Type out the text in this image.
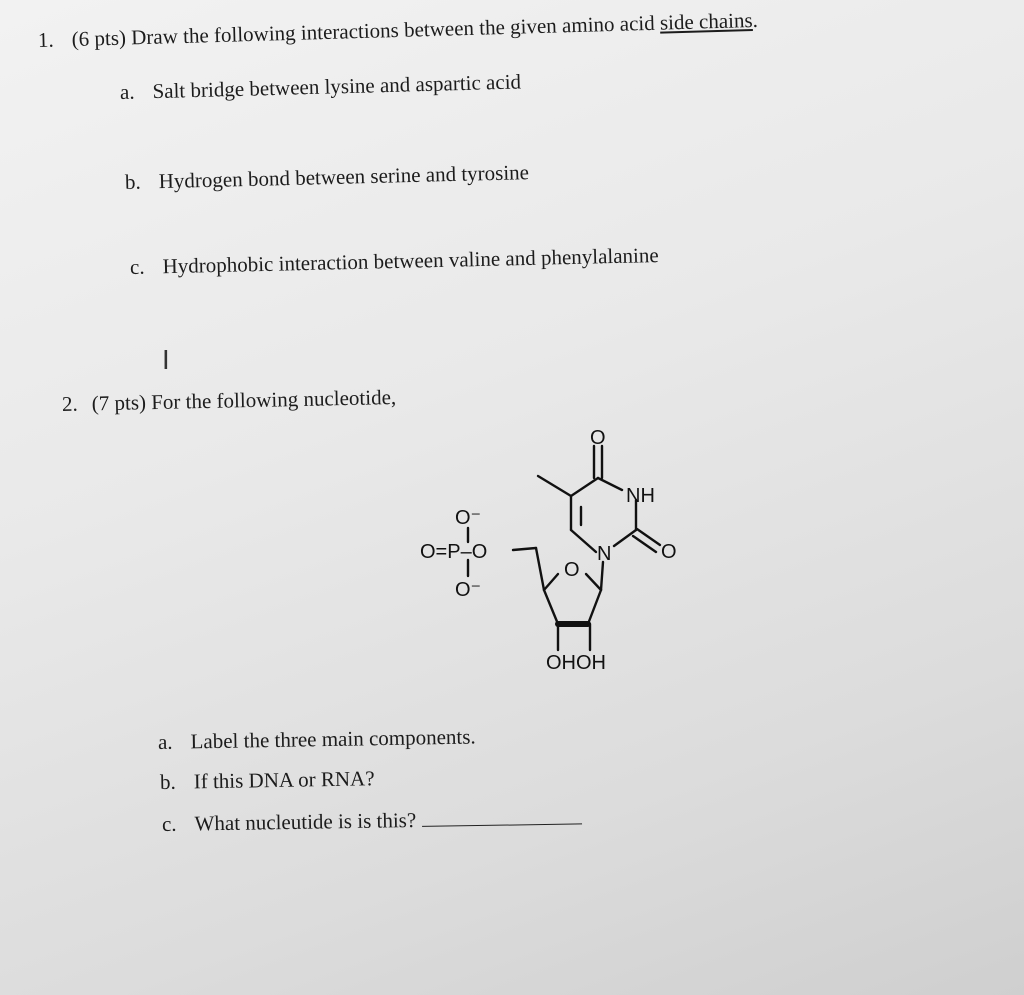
1. (6 pts) Draw the following interactions between the given amino acid side chains.
a. Salt bridge between lysine and aspartic acid
b. Hydrogen bond between serine and tyrosine
c. Hydrophobic interaction between valine and phenylalanine
Ⅰ
2. (7 pts) For the following nucleotide,
O
NH
O⁻
O=P–O
O⁻
N O
O
OHOH
a. Label the three main components.
b. If this DNA or RNA?
c. What nucleutide is is this?
